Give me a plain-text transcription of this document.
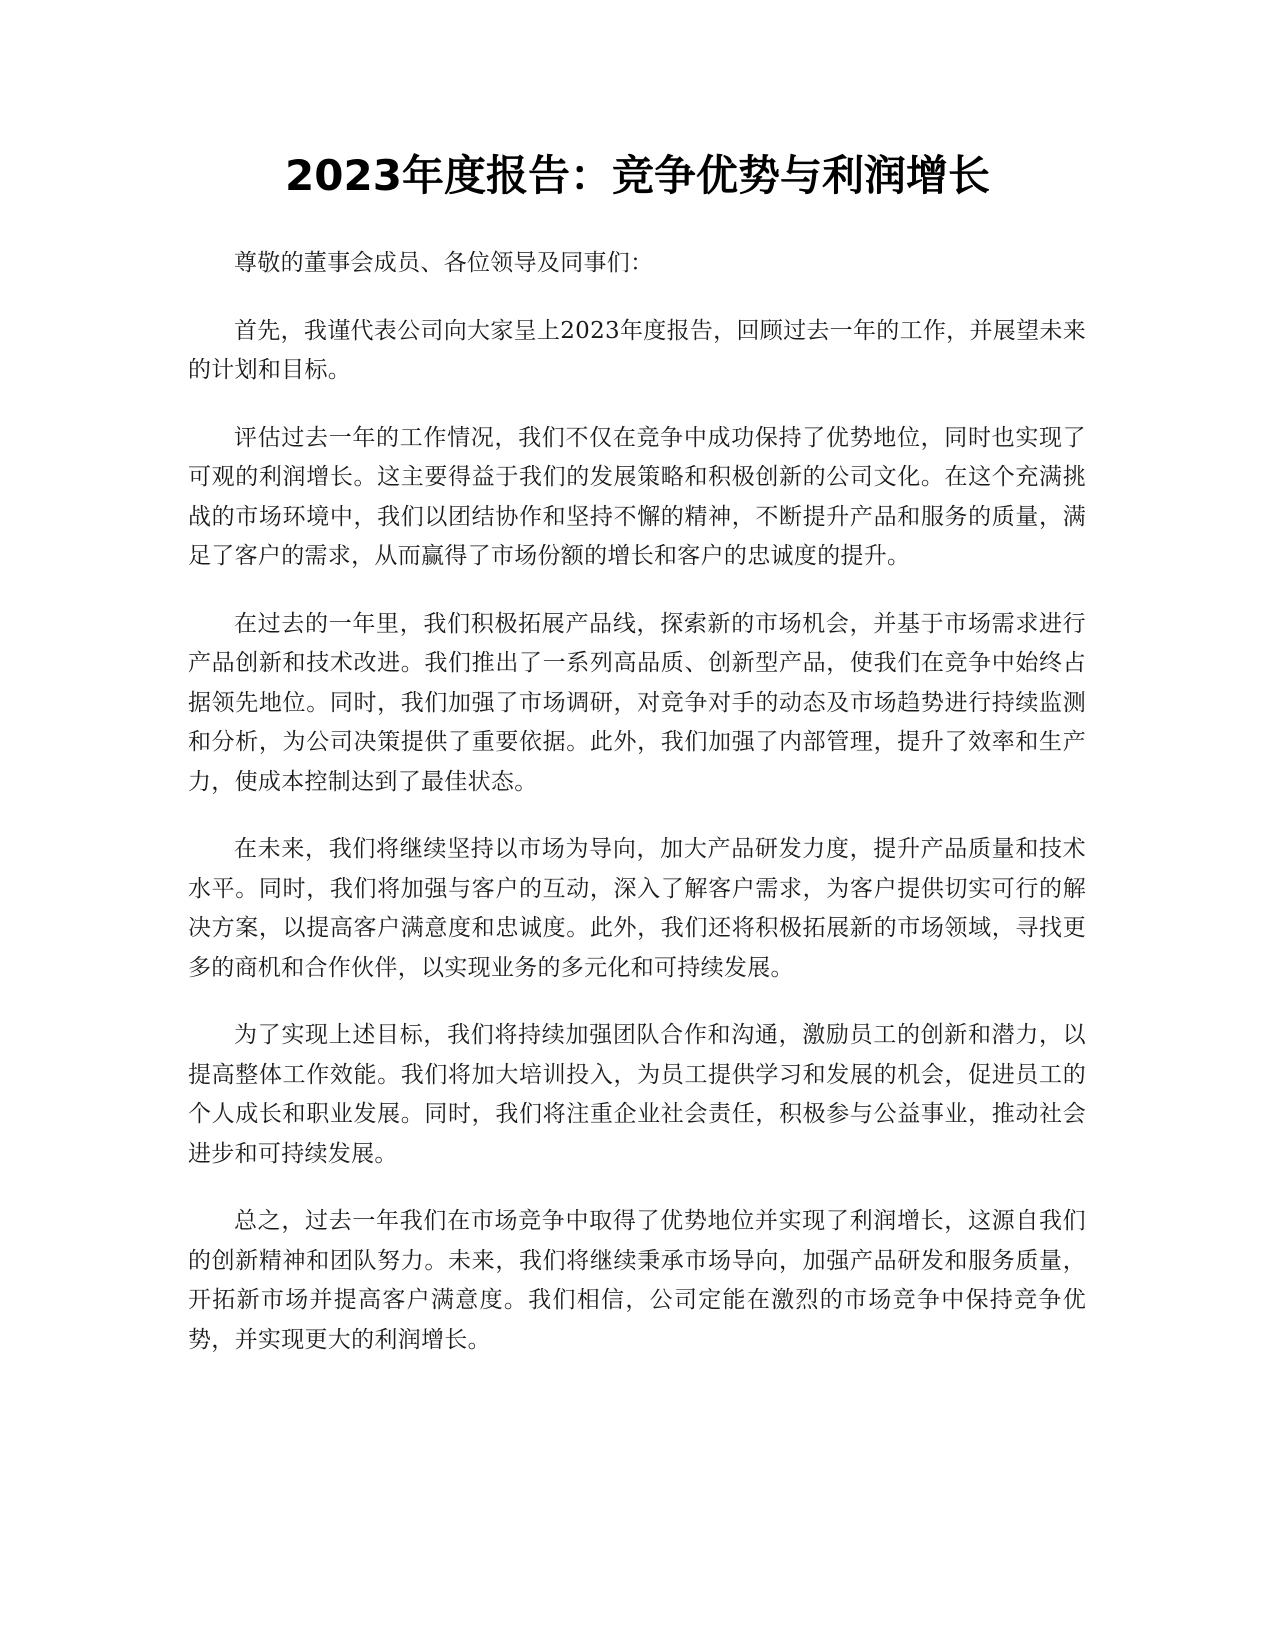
2023年度报告：竞争优势与利润增长

尊敬的董事会成员、各位领导及同事们：

首先，我谨代表公司向大家呈上2023年度报告，回顾过去一年的工作，并展望未来的计划和目标。

评估过去一年的工作情况，我们不仅在竞争中成功保持了优势地位，同时也实现了可观的利润增长。这主要得益于我们的发展策略和积极创新的公司文化。在这个充满挑战的市场环境中，我们以团结协作和坚持不懈的精神，不断提升产品和服务的质量，满足了客户的需求，从而赢得了市场份额的增长和客户的忠诚度的提升。

在过去的一年里，我们积极拓展产品线，探索新的市场机会，并基于市场需求进行产品创新和技术改进。我们推出了一系列高品质、创新型产品，使我们在竞争中始终占据领先地位。同时，我们加强了市场调研，对竞争对手的动态及市场趋势进行持续监测和分析，为公司决策提供了重要依据。此外，我们加强了内部管理，提升了效率和生产力，使成本控制达到了最佳状态。

在未来，我们将继续坚持以市场为导向，加大产品研发力度，提升产品质量和技术水平。同时，我们将加强与客户的互动，深入了解客户需求，为客户提供切实可行的解决方案，以提高客户满意度和忠诚度。此外，我们还将积极拓展新的市场领域，寻找更多的商机和合作伙伴，以实现业务的多元化和可持续发展。

为了实现上述目标，我们将持续加强团队合作和沟通，激励员工的创新和潜力，以提高整体工作效能。我们将加大培训投入，为员工提供学习和发展的机会，促进员工的个人成长和职业发展。同时，我们将注重企业社会责任，积极参与公益事业，推动社会进步和可持续发展。

总之，过去一年我们在市场竞争中取得了优势地位并实现了利润增长，这源自我们的创新精神和团队努力。未来，我们将继续秉承市场导向，加强产品研发和服务质量，开拓新市场并提高客户满意度。我们相信，公司定能在激烈的市场竞争中保持竞争优势，并实现更大的利润增长。
